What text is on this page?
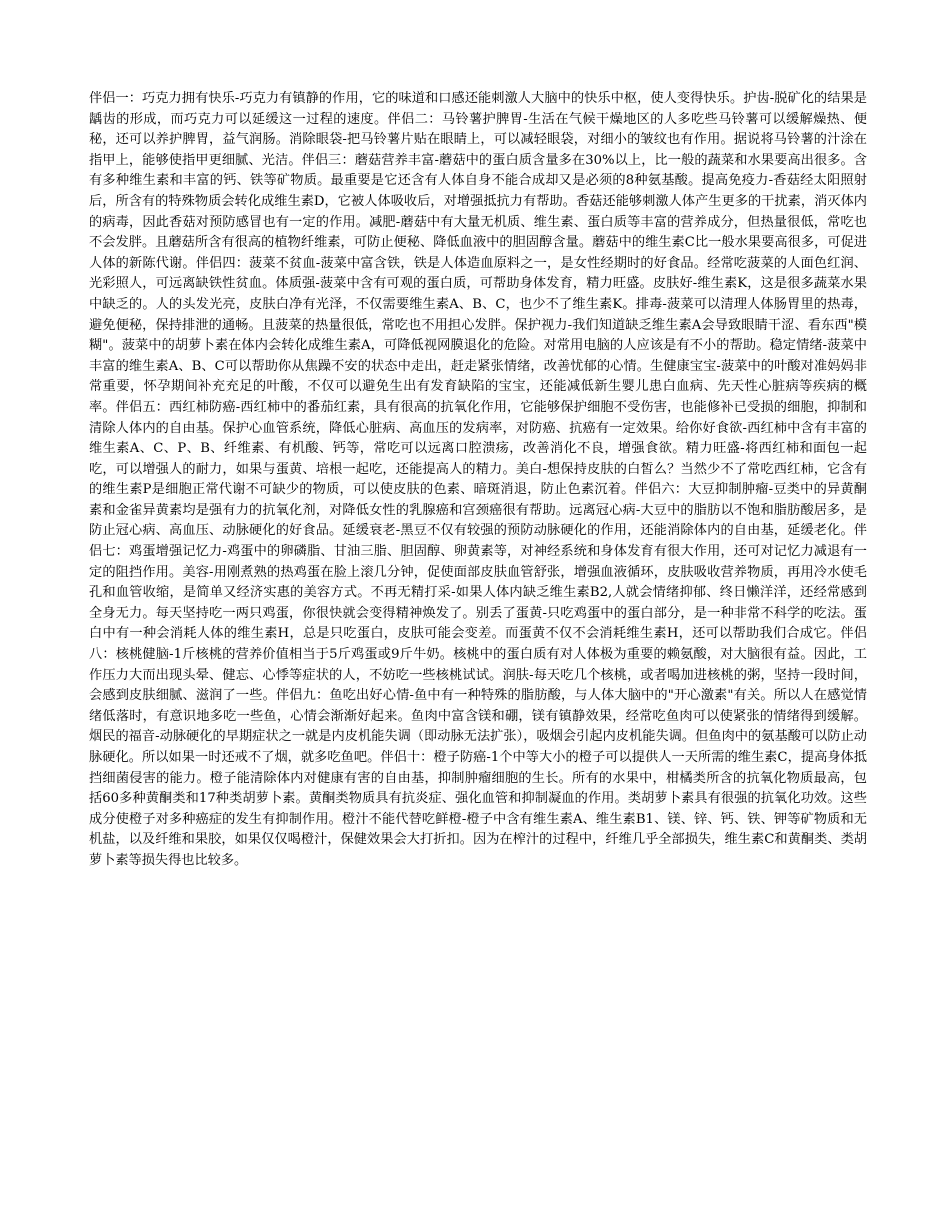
伴侣一：巧克力拥有快乐-巧克力有镇静的作用，它的味道和口感还能刺激人大脑中的快乐中枢，使人变得快乐。护齿-脱矿化的结果是龋齿的形成，而巧克力可以延缓这一过程的速度。伴侣二：马铃薯护脾胃-生活在气候干燥地区的人多吃些马铃薯可以缓解燥热、便秘，还可以养护脾胃，益气润肠。消除眼袋-把马铃薯片贴在眼睛上，可以减轻眼袋，对细小的皱纹也有作用。据说将马铃薯的汁涂在指甲上，能够使指甲更细腻、光洁。伴侣三：蘑菇营养丰富-蘑菇中的蛋白质含量多在30%以上，比一般的蔬菜和水果要高出很多。含有多种维生素和丰富的钙、铁等矿物质。最重要是它还含有人体自身不能合成却又是必须的8种氨基酸。提高免疫力-香菇经太阳照射后，所含有的特殊物质会转化成维生素D，它被人体吸收后，对增强抵抗力有帮助。香菇还能够刺激人体产生更多的干扰素，消灭体内的病毒，因此香菇对预防感冒也有一定的作用。减肥-蘑菇中有大量无机质、维生素、蛋白质等丰富的营养成分，但热量很低，常吃也不会发胖。且蘑菇所含有很高的植物纤维素，可防止便秘、降低血液中的胆固醇含量。蘑菇中的维生素C比一般水果要高很多，可促进人体的新陈代谢。伴侣四：菠菜不贫血-菠菜中富含铁，铁是人体造血原料之一，是女性经期时的好食品。经常吃菠菜的人面色红润、光彩照人，可远离缺铁性贫血。体质强-菠菜中含有可观的蛋白质，可帮助身体发育，精力旺盛。皮肤好-维生素K，这是很多蔬菜水果中缺乏的。人的头发光亮，皮肤白净有光泽，不仅需要维生素A、B、C，也少不了维生素K。排毒-菠菜可以清理人体肠胃里的热毒，避免便秘，保持排泄的通畅。且菠菜的热量很低，常吃也不用担心发胖。保护视力-我们知道缺乏维生素A会导致眼睛干涩、看东西"模糊"。菠菜中的胡萝卜素在体内会转化成维生素A，可降低视网膜退化的危险。对常用电脑的人应该是有不小的帮助。稳定情绪-菠菜中丰富的维生素A、B、C可以帮助你从焦躁不安的状态中走出，赶走紧张情绪，改善忧郁的心情。生健康宝宝-菠菜中的叶酸对准妈妈非常重要，怀孕期间补充充足的叶酸，不仅可以避免生出有发育缺陷的宝宝，还能减低新生婴儿患白血病、先天性心脏病等疾病的概率。伴侣五：西红柿防癌-西红柿中的番茄红素，具有很高的抗氧化作用，它能够保护细胞不受伤害，也能修补已受损的细胞，抑制和清除人体内的自由基。保护心血管系统，降低心脏病、高血压的发病率，对防癌、抗癌有一定效果。给你好食欲-西红柿中含有丰富的维生素A、C、P、B、纤维素、有机酸、钙等，常吃可以远离口腔溃疡，改善消化不良，增强食欲。精力旺盛-将西红柿和面包一起吃，可以增强人的耐力，如果与蛋黄、培根一起吃，还能提高人的精力。美白-想保持皮肤的白皙么？当然少不了常吃西红柿，它含有的维生素P是细胞正常代谢不可缺少的物质，可以使皮肤的色素、暗斑消退，防止色素沉着。伴侣六：大豆抑制肿瘤-豆类中的异黄酮素和金雀异黄素均是强有力的抗氧化剂，对降低女性的乳腺癌和宫颈癌很有帮助。远离冠心病-大豆中的脂肪以不饱和脂肪酸居多，是防止冠心病、高血压、动脉硬化的好食品。延缓衰老-黑豆不仅有较强的预防动脉硬化的作用，还能消除体内的自由基，延缓老化。伴侣七：鸡蛋增强记忆力-鸡蛋中的卵磷脂、甘油三脂、胆固醇、卵黄素等，对神经系统和身体发育有很大作用，还可对记忆力减退有一定的阻挡作用。美容-用刚煮熟的热鸡蛋在脸上滚几分钟，促使面部皮肤血管舒张，增强血液循环，皮肤吸收营养物质，再用冷水使毛孔和血管收缩，是简单又经济实惠的美容方式。不再无精打采-如果人体内缺乏维生素B2,人就会情绪抑郁、终日懒洋洋，还经常感到全身无力。每天坚持吃一两只鸡蛋，你很快就会变得精神焕发了。别丢了蛋黄-只吃鸡蛋中的蛋白部分，是一种非常不科学的吃法。蛋白中有一种会消耗人体的维生素H，总是只吃蛋白，皮肤可能会变差。而蛋黄不仅不会消耗维生素H，还可以帮助我们合成它。伴侣八：核桃健脑-1斤核桃的营养价值相当于5斤鸡蛋或9斤牛奶。核桃中的蛋白质有对人体极为重要的赖氨酸，对大脑很有益。因此，工作压力大而出现头晕、健忘、心悸等症状的人，不妨吃一些核桃试试。润肤-每天吃几个核桃，或者喝加进核桃的粥，坚持一段时间，会感到皮肤细腻、滋润了一些。伴侣九：鱼吃出好心情-鱼中有一种特殊的脂肪酸，与人体大脑中的"开心激素"有关。所以人在感觉情绪低落时，有意识地多吃一些鱼，心情会渐渐好起来。鱼肉中富含镁和硼，镁有镇静效果，经常吃鱼肉可以使紧张的情绪得到缓解。烟民的福音-动脉硬化的早期症状之一就是内皮机能失调（即动脉无法扩张），吸烟会引起内皮机能失调。但鱼肉中的氨基酸可以防止动脉硬化。所以如果一时还戒不了烟，就多吃鱼吧。伴侣十：橙子防癌-1个中等大小的橙子可以提供人一天所需的维生素C，提高身体抵挡细菌侵害的能力。橙子能清除体内对健康有害的自由基，抑制肿瘤细胞的生长。所有的水果中，柑橘类所含的抗氧化物质最高，包括60多种黄酮类和17种类胡萝卜素。黄酮类物质具有抗炎症、强化血管和抑制凝血的作用。类胡萝卜素具有很强的抗氧化功效。这些成分使橙子对多种癌症的发生有抑制作用。橙汁不能代替吃鲜橙-橙子中含有维生素A、维生素B1、镁、锌、钙、铁、钾等矿物质和无机盐，以及纤维和果胶，如果仅仅喝橙汁，保健效果会大打折扣。因为在榨汁的过程中，纤维几乎全部损失，维生素C和黄酮类、类胡萝卜素等损失得也比较多。
